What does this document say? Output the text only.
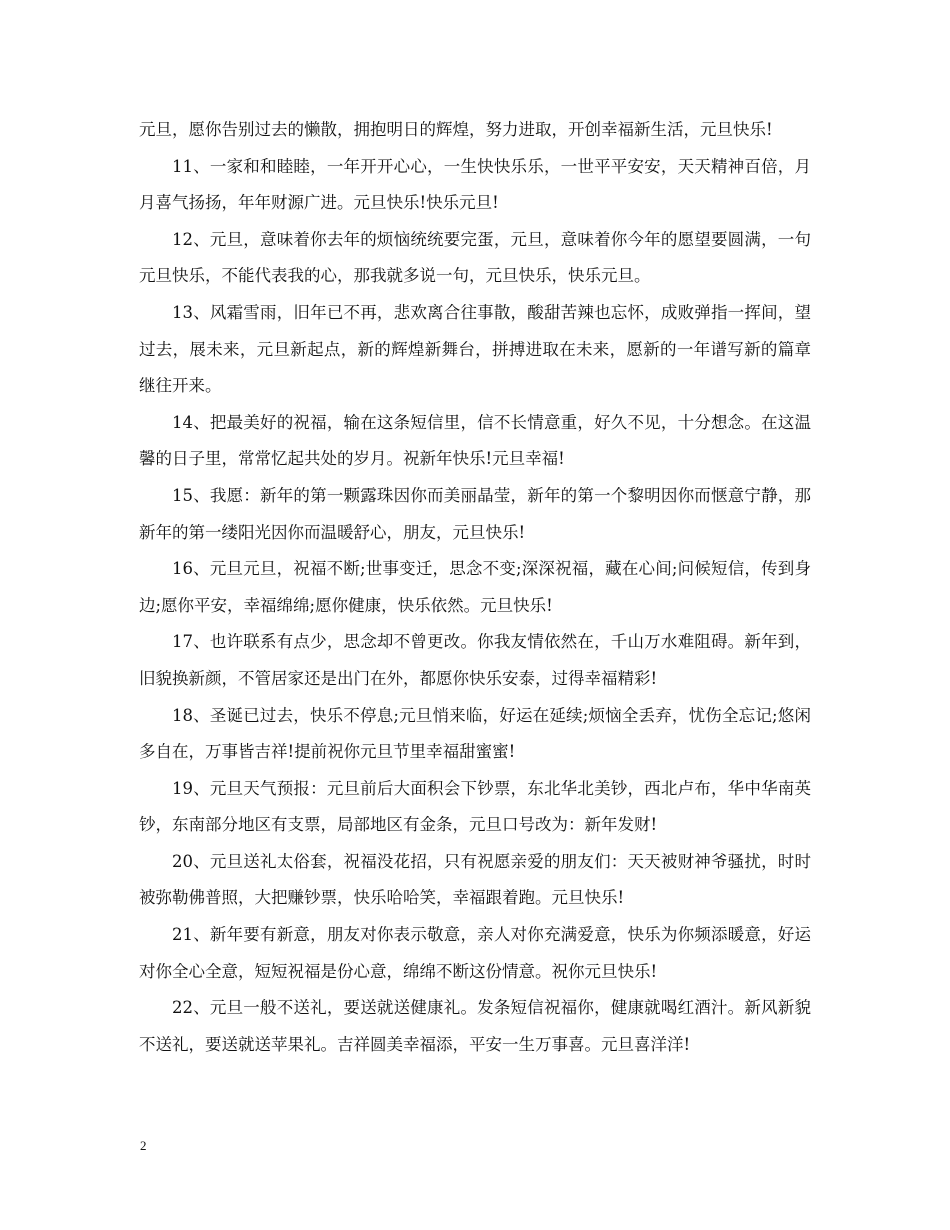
元旦，愿你告别过去的懒散，拥抱明日的辉煌，努力进取，开创幸福新生活，元旦快乐!

11、一家和和睦睦，一年开开心心，一生快快乐乐，一世平平安安，天天精神百倍，月月喜气扬扬，年年财源广进。元旦快乐!快乐元旦!

12、元旦，意味着你去年的烦恼统统要完蛋，元旦，意味着你今年的愿望要圆满，一句元旦快乐，不能代表我的心，那我就多说一句，元旦快乐，快乐元旦。

13、风霜雪雨，旧年已不再，悲欢离合往事散，酸甜苦辣也忘怀，成败弹指一挥间，望过去，展未来，元旦新起点，新的辉煌新舞台，拼搏进取在未来，愿新的一年谱写新的篇章继往开来。

14、把最美好的祝福，输在这条短信里，信不长情意重，好久不见，十分想念。在这温馨的日子里，常常忆起共处的岁月。祝新年快乐!元旦幸福!

15、我愿：新年的第一颗露珠因你而美丽晶莹，新年的第一个黎明因你而惬意宁静，那新年的第一缕阳光因你而温暖舒心，朋友，元旦快乐!

16、元旦元旦，祝福不断;世事变迁，思念不变;深深祝福，藏在心间;问候短信，传到身边;愿你平安，幸福绵绵;愿你健康，快乐依然。元旦快乐!

17、也许联系有点少，思念却不曾更改。你我友情依然在，千山万水难阻碍。新年到，旧貌换新颜，不管居家还是出门在外，都愿你快乐安泰，过得幸福精彩!

18、圣诞已过去，快乐不停息;元旦悄来临，好运在延续;烦恼全丢弃，忧伤全忘记;悠闲多自在，万事皆吉祥!提前祝你元旦节里幸福甜蜜蜜!

19、元旦天气预报：元旦前后大面积会下钞票，东北华北美钞，西北卢布，华中华南英钞，东南部分地区有支票，局部地区有金条，元旦口号改为：新年发财!

20、元旦送礼太俗套，祝福没花招，只有祝愿亲爱的朋友们：天天被财神爷骚扰，时时被弥勒佛普照，大把赚钞票，快乐哈哈笑，幸福跟着跑。元旦快乐!

21、新年要有新意，朋友对你表示敬意，亲人对你充满爱意，快乐为你频添暖意，好运对你全心全意，短短祝福是份心意，绵绵不断这份情意。祝你元旦快乐!

22、元旦一般不送礼，要送就送健康礼。发条短信祝福你，健康就喝红酒汁。新风新貌不送礼，要送就送苹果礼。吉祥圆美幸福添，平安一生万事喜。元旦喜洋洋!

2
